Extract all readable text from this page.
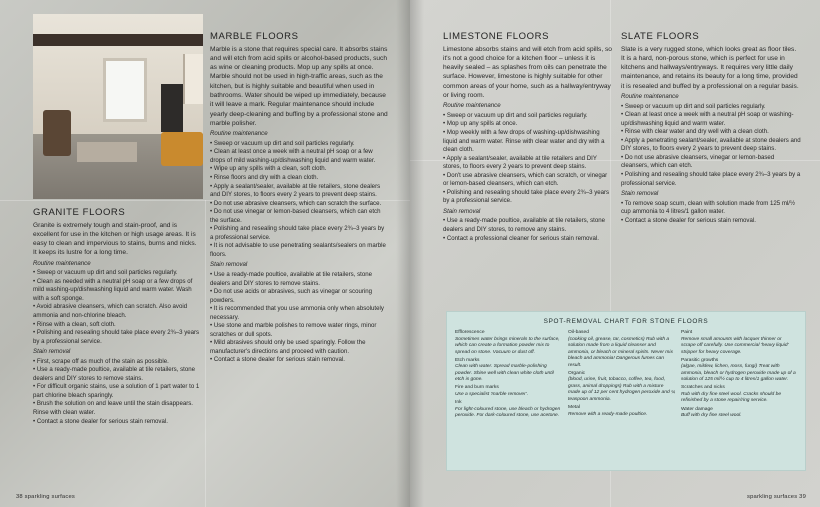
GRANITE FLOORS

Granite is extremely tough and stain-proof, and is excellent for use in the kitchen or high usage areas. It is easy to clean and impervious to stains, burns and nicks. It keeps its lustre for a long time.

Routine maintenance

• Sweep or vacuum up dirt and soil particles regularly.

• Clean as needed with a neutral pH soap or a few drops of mild washing-up/dishwashing liquid and warm water. Wash with a soft sponge.

• Avoid abrasive cleansers, which can scratch. Also avoid ammonia and non-chlorine bleach.

• Rinse with a clean, soft cloth.

• Polishing and resealing should take place every 2¾–3 years by a professional service.

Stain removal

• First, scrape off as much of the stain as possible.

• Use a ready-made poultice, available at tile retailers, stone dealers and DIY stores to remove stains.

• For difficult organic stains, use a solution of 1 part water to 1 part chlorine bleach sparingly.

• Brush the solution on and leave until the stain disappears. Rinse with clean water.

• Contact a stone dealer for serious stain removal.

MARBLE FLOORS

Marble is a stone that requires special care. It absorbs stains and will etch from acid spills or alcohol-based products, such as wine or cleaning products. Mop up any spills at once. Marble should not be used in high-traffic areas, such as the kitchen, but is highly suitable and beautiful when used in bathrooms. Water should be wiped up immediately, because it will leave a mark. Regular maintenance should include yearly deep-cleaning and buffing by a professional stone and marble polisher.

Routine maintenance

• Sweep or vacuum up dirt and soil particles regularly.

• Clean at least once a week with a neutral pH soap or a few drops of mild washing-up/dishwashing liquid and warm water.

• Wipe up any spills with a clean, soft cloth.

• Rinse floors and dry with a clean cloth.

• Apply a sealant/sealer, available at tile retailers, stone dealers and DIY stores, to floors every 2 years to prevent deep stains.

• Do not use abrasive cleansers, which can scratch the surface.

• Do not use vinegar or lemon-based cleansers, which can etch the surface.

• Polishing and resealing should take place every 2¾–3 years by a professional service.

• It is not advisable to use penetrating sealants/sealers on marble floors.

Stain removal

• Use a ready-made poultice, available at tile retailers, stone dealers and DIY stores to remove stains.

• Do not use acids or abrasives, such as vinegar or scouring powders.

• It is recommended that you use ammonia only when absolutely necessary.

• Use stone and marble polishes to remove water rings, minor scratches or dull spots.

• Mild abrasives should only be used sparingly. Follow the manufacturer's directions and proceed with caution.

• Contact a stone dealer for serious stain removal.

LIMESTONE FLOORS

Limestone absorbs stains and will etch from acid spills, so it's not a good choice for a kitchen floor – unless it is heavily sealed – as splashes from oils can penetrate the surface. However, limestone is highly suitable for other common areas of your home, such as a hallway/entryway or living room.

Routine maintenance

• Sweep or vacuum up dirt and soil particles regularly.

• Mop up any spills at once.

• Mop weekly with a few drops of washing-up/dishwashing liquid and warm water. Rinse with clear water and dry with a clean cloth.

• Apply a sealant/sealer, available at tile retailers and DIY stores, to floors every 2 years to prevent deep stains.

• Don't use abrasive cleansers, which can scratch, or vinegar or lemon-based cleansers, which can etch.

• Polishing and resealing should take place every 2¾–3 years by a professional service.

Stain removal

• Use a ready-made poultice, available at tile retailers, stone dealers and DIY stores, to remove any stains.

• Contact a professional cleaner for serious stain removal.

SLATE FLOORS

Slate is a very rugged stone, which looks great as floor tiles. It is a hard, non-porous stone, which is perfect for use in kitchens and hallways/entryways. It requires very little daily maintenance, and retains its beauty for a long time, provided it is resealed and buffed by a professional on a regular basis.

Routine maintenance

• Sweep or vacuum up dirt and soil particles regularly.

• Clean at least once a week with a neutral pH soap or washing-up/dishwashing liquid and warm water.

• Rinse with clear water and dry well with a clean cloth.

• Apply a penetrating sealant/sealer, available at stone dealers and DIY stores, to floors every 2 years to prevent deep stains.

• Do not use abrasive cleansers, vinegar or lemon-based cleansers, which can etch.

• Polishing and resealing should take place every 2¾–3 years by a professional service.

Stain removal

• To remove soap scum, clean with solution made from 125 ml/½ cup ammonia to 4 litres/1 gallon water.

• Contact a stone dealer for serious stain removal.

SPOT-REMOVAL CHART FOR STONE FLOORS

Efflorescence

Sometimes water brings minerals to the surface, which can create a formation powder mix to spread on stone. Vacuum or dust off.

Etch marks

Clean with water. Spread marble-polishing powder. Shine well with clean white cloth until etch is gone.

Fire and burn marks

Use a specialist 'marble remover'.

Ink

For light-coloured stone, use bleach or hydrogen peroxide. For dark-coloured stone, use acetone.

Oil-based

(cooking oil, grease, tar, cosmetics) Rub with a solution made from a liquid cleanser and ammonia, or bleach or mineral spirits. Never mix bleach and ammonia! Dangerous fumes can result.

Organic

(blood, urine, fruit, tobacco, coffee, tea, food, grass, animal droppings) Rub with a mixture made up of 12 per cent hydrogen peroxide and ¼ teaspoon ammonia.

Metal

Remove with a ready-made poultice.

Paint

Remove small amounts with lacquer thinner or scrape off carefully. Use commercial 'heavy liquid' stripper for heavy coverage.

Parasitic growths

(algae, mildew, lichen, moss, fungi) Treat with ammonia, bleach or hydrogen peroxide made up of a solution of 125 ml/½ cup to 4 litres/1 gallon water.

Scratches and nicks

Rub with dry fine steel wool. Cracks should be refinished by a stone repair/ring service.

Water damage

Buff with dry fine steel wool.

38 sparkling surfaces	sparkling surfaces 39
